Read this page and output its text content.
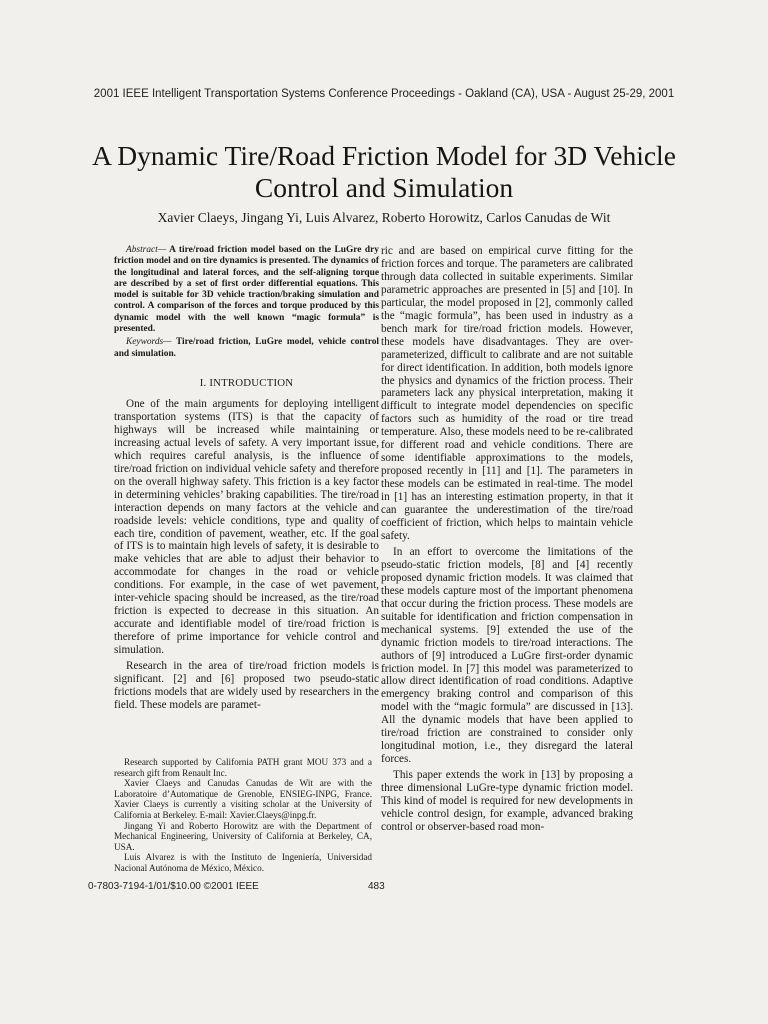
2001 IEEE Intelligent Transportation Systems Conference Proceedings - Oakland (CA), USA - August 25-29, 2001
A Dynamic Tire/Road Friction Model for 3D Vehicle Control and Simulation
Xavier Claeys, Jingang Yi, Luis Alvarez, Roberto Horowitz, Carlos Canudas de Wit

Abstract— A tire/road friction model based on the LuGre dry friction model and on tire dynamics is presented. The dynamics of the longitudinal and lateral forces, and the self-aligning torque are described by a set of first order differential equations. This model is suitable for 3D vehicle traction/braking simulation and control. A comparison of the forces and torque produced by this dynamic model with the well known “magic formula” is presented.

Keywords— Tire/road friction, LuGre model, vehicle control and simulation.

I. INTRODUCTION

One of the main arguments for deploying intelligent transportation systems (ITS) is that the capacity of highways will be increased while maintaining or increasing actual levels of safety. A very important issue, which requires careful analysis, is the influence of tire/road friction on individual vehicle safety and therefore on the overall highway safety. This friction is a key factor in determining vehicles’ braking capabilities. The tire/road interaction depends on many factors at the vehicle and roadside levels: vehicle conditions, type and quality of each tire, condition of pavement, weather, etc. If the goal of ITS is to maintain high levels of safety, it is desirable to make vehicles that are able to adjust their behavior to accommodate for changes in the road or vehicle conditions. For example, in the case of wet pavement, inter-vehicle spacing should be increased, as the tire/road friction is expected to decrease in this situation. An accurate and identifiable model of tire/road friction is therefore of prime importance for vehicle control and simulation.

Research in the area of tire/road friction models is significant. [2] and [6] proposed two pseudo-static frictions models that are widely used by researchers in the field. These models are paramet-

Research supported by California PATH grant MOU 373 and a research gift from Renault Inc.

Xavier Claeys and Canudas Canudas de Wit are with the Laboratoire d’Automatique de Grenoble, ENSIEG-INPG, France. Xavier Claeys is currently a visiting scholar at the University of California at Berkeley. E-mail: Xavier.Claeys@inpg.fr.

Jingang Yi and Roberto Horowitz are with the Department of Mechanical Engineering, University of California at Berkeley, CA, USA.

Luis Alvarez is with the Instituto de Ingeniería, Universidad Nacional Autónoma de México, México.

ric and are based on empirical curve fitting for the friction forces and torque. The parameters are calibrated through data collected in suitable experiments. Similar parametric approaches are presented in [5] and [10]. In particular, the model proposed in [2], commonly called the “magic formula”, has been used in industry as a bench mark for tire/road friction models. However, these models have disadvantages. They are over-parameterized, difficult to calibrate and are not suitable for direct identification. In addition, both models ignore the physics and dynamics of the friction process. Their parameters lack any physical interpretation, making it difficult to integrate model dependencies on specific factors such as humidity of the road or tire tread temperature. Also, these models need to be re-calibrated for different road and vehicle conditions. There are some identifiable approximations to the models, proposed recently in [11] and [1]. The parameters in these models can be estimated in real-time. The model in [1] has an interesting estimation property, in that it can guarantee the underestimation of the tire/road coefficient of friction, which helps to maintain vehicle safety.

In an effort to overcome the limitations of the pseudo-static friction models, [8] and [4] recently proposed dynamic friction models. It was claimed that these models capture most of the important phenomena that occur during the friction process. These models are suitable for identification and friction compensation in mechanical systems. [9] extended the use of the dynamic friction models to tire/road interactions. The authors of [9] introduced a LuGre first-order dynamic friction model. In [7] this model was parameterized to allow direct identification of road conditions. Adaptive emergency braking control and comparison of this model with the “magic formula” are discussed in [13]. All the dynamic models that have been applied to tire/road friction are constrained to consider only longitudinal motion, i.e., they disregard the lateral forces.

This paper extends the work in [13] by proposing a three dimensional LuGre-type dynamic friction model. This kind of model is required for new developments in vehicle control design, for example, advanced braking control or observer-based road mon-

0-7803-7194-1/01/$10.00 ©2001 IEEE	483
